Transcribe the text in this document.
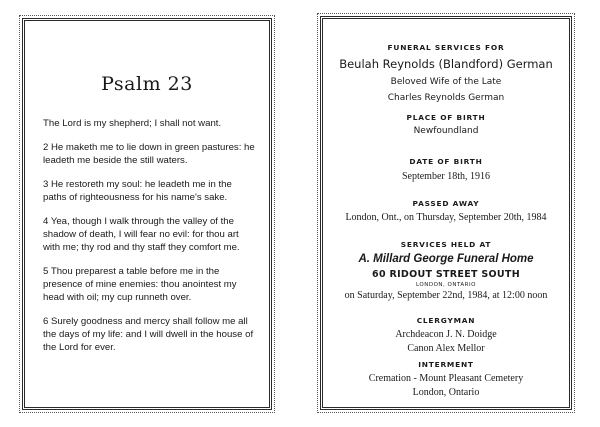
Psalm 23

The Lord is my shepherd; I shall not want.

2 He maketh me to lie down in green pastures: he leadeth me beside the still waters.

3 He restoreth my soul: he leadeth me in the paths of righteousness for his name's sake.

4 Yea, though I walk through the valley of the shadow of death, I will fear no evil: for thou art with me; thy rod and thy staff they comfort me.

5 Thou preparest a table before me in the presence of mine enemies: thou anointest my head with oil; my cup runneth over.

6 Surely goodness and mercy shall follow me all the days of my life: and I will dwell in the house of the Lord for ever.

FUNERAL SERVICES FOR
Beulah Reynolds (Blandford) German
Beloved Wife of the Late
Charles Reynolds German
PLACE OF BIRTH
Newfoundland
DATE OF BIRTH
September 18th, 1916
PASSED AWAY
London, Ont., on Thursday, September 20th, 1984
SERVICES HELD AT
A. Millard George Funeral Home
60 RIDOUT STREET SOUTH
LONDON, ONTARIO
on Saturday, September 22nd, 1984, at 12:00 noon
CLERGYMAN
Archdeacon J. N. Doidge
Canon Alex Mellor
INTERMENT
Cremation - Mount Pleasant Cemetery
London, Ontario
